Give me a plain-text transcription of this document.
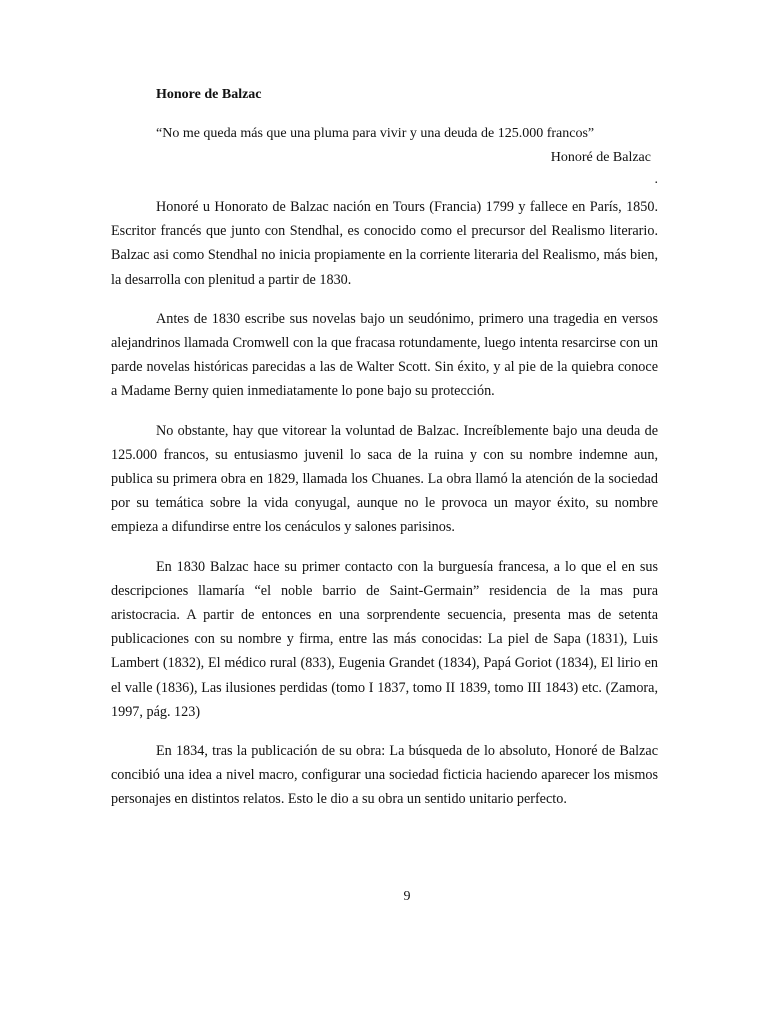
Honore de Balzac
“No me queda más que una pluma para vivir y una deuda de 125.000 francos”
Honoré de Balzac
.

Honoré u Honorato de Balzac nación en Tours (Francia) 1799 y fallece en París, 1850. Escritor francés que junto con Stendhal, es conocido como el precursor del Realismo literario. Balzac asi como Stendhal no inicia propiamente en la corriente literaria del Realismo, más bien, la desarrolla con plenitud a partir de 1830.

Antes de 1830 escribe sus novelas bajo un seudónimo, primero una tragedia en versos alejandrinos llamada Cromwell con la que fracasa rotundamente, luego intenta resarcirse con un parde novelas históricas parecidas a las de Walter Scott. Sin éxito, y al pie de la quiebra conoce a Madame Berny quien inmediatamente lo pone bajo su protección.

No obstante, hay que vitorear la voluntad de Balzac. Increíblemente bajo una deuda de 125.000 francos, su entusiasmo juvenil lo saca de la ruina y con su nombre indemne aun, publica su primera obra en 1829, llamada los Chuanes. La obra llamó la atención de la sociedad por su temática sobre la vida conyugal, aunque no le provoca un mayor éxito, su nombre empieza a difundirse entre los cenáculos y salones parisinos.

En 1830 Balzac hace su primer contacto con la burguesía francesa, a lo que el en sus descripciones llamaría “el noble barrio de Saint-Germain” residencia de la mas pura aristocracia. A partir de entonces en una sorprendente secuencia, presenta mas de setenta publicaciones con su nombre y firma, entre las más conocidas: La piel de Sapa (1831), Luis Lambert (1832), El médico rural (833), Eugenia Grandet (1834), Papá Goriot (1834), El lirio en el valle (1836), Las ilusiones perdidas (tomo I 1837, tomo II 1839, tomo III 1843) etc. (Zamora, 1997, pág. 123)

En 1834, tras la publicación de su obra: La búsqueda de lo absoluto, Honoré de Balzac concibió una idea a nivel macro, configurar una sociedad ficticia haciendo aparecer los mismos personajes en distintos relatos. Esto le dio a su obra un sentido unitario perfecto.

9
